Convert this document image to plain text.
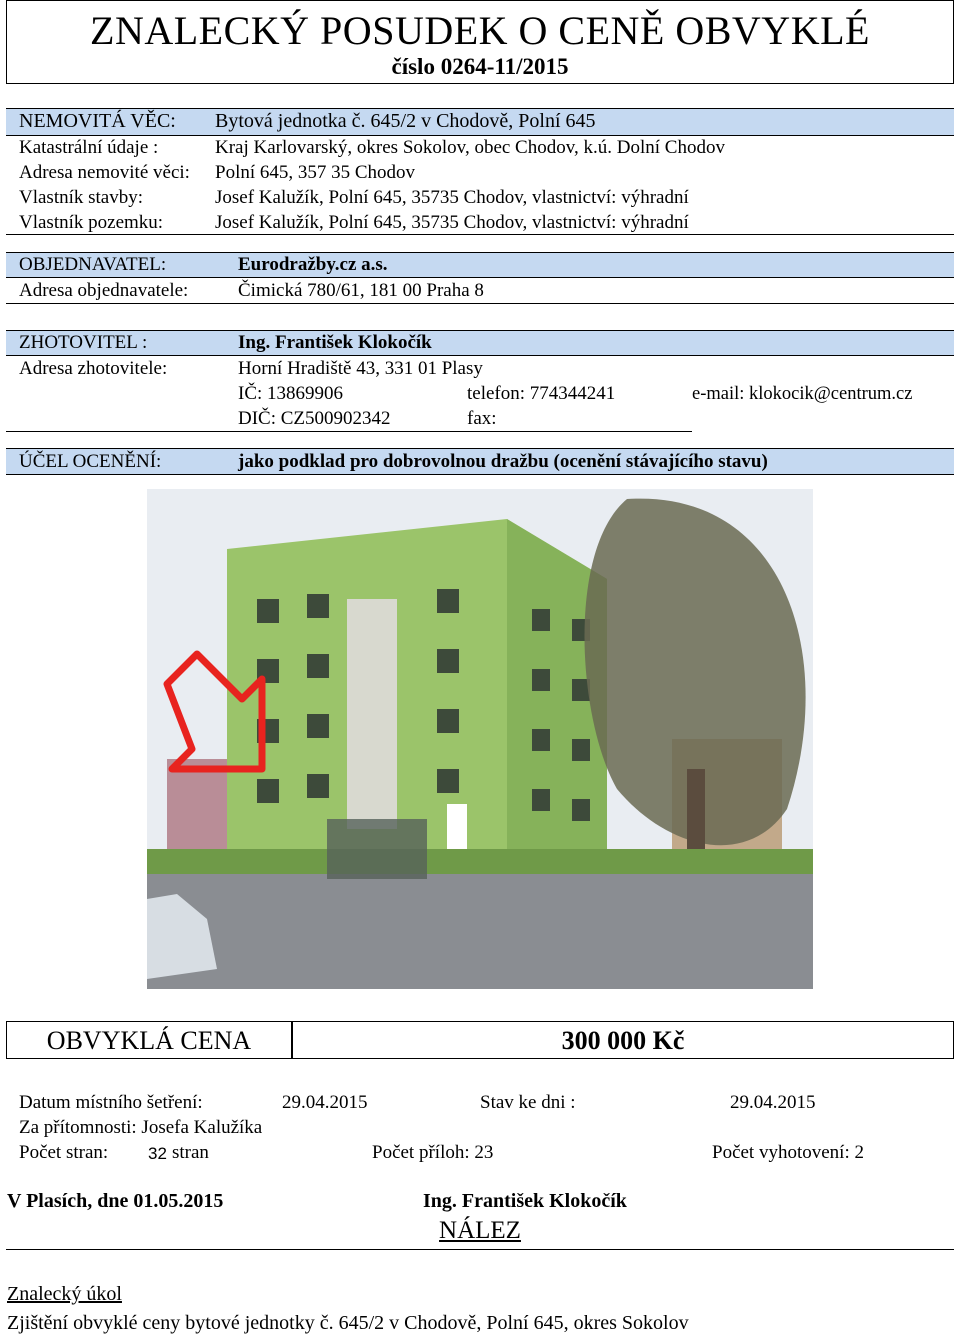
ZNALECKÝ POSUDEK O CENĚ OBVYKLÉ
číslo 0264-11/2015
NEMOVITÁ VĚC: Bytová jednotka č. 645/2 v Chodově, Polní 645
Katastrální údaje :	Kraj Karlovarský, okres Sokolov, obec Chodov, k.ú. Dolní Chodov
Adresa nemovité věci: Polní 645, 357 35 Chodov
Vlastník stavby:	Josef Kalužík, Polní 645, 35735 Chodov, vlastnictví: výhradní
Vlastník pozemku:	Josef Kalužík, Polní 645, 35735 Chodov, vlastnictví: výhradní
OBJEDNAVATEL:	Eurodražby.cz a.s.
Adresa objednavatele:	Čimická 780/61, 181 00 Praha 8
ZHOTOVITEL :	Ing. František Klokočík
Adresa zhotovitele:	Horní Hradiště 43, 331 01 Plasy
IČ: 13869906	telefon: 774344241	e-mail: klokocik@centrum.cz
DIČ: CZ500902342	fax:
ÚČEL OCENĚNÍ:	jako podklad pro dobrovolnou dražbu (ocenění stávajícího stavu)
OBVYKLÁ CENA	300 000 Kč
Datum místního šetření:	29.04.2015	Stav ke dni :	29.04.2015
Za přítomnosti: Josefa Kalužíka
Počet stran: 32 stran	Počet příloh: 23	Počet vyhotovení: 2
V Plasích, dne 01.05.2015	Ing. František Klokočík
NÁLEZ
Znalecký úkol
Zjištění obvyklé ceny bytové jednotky č. 645/2 v Chodově, Polní 645, okres Sokolov
